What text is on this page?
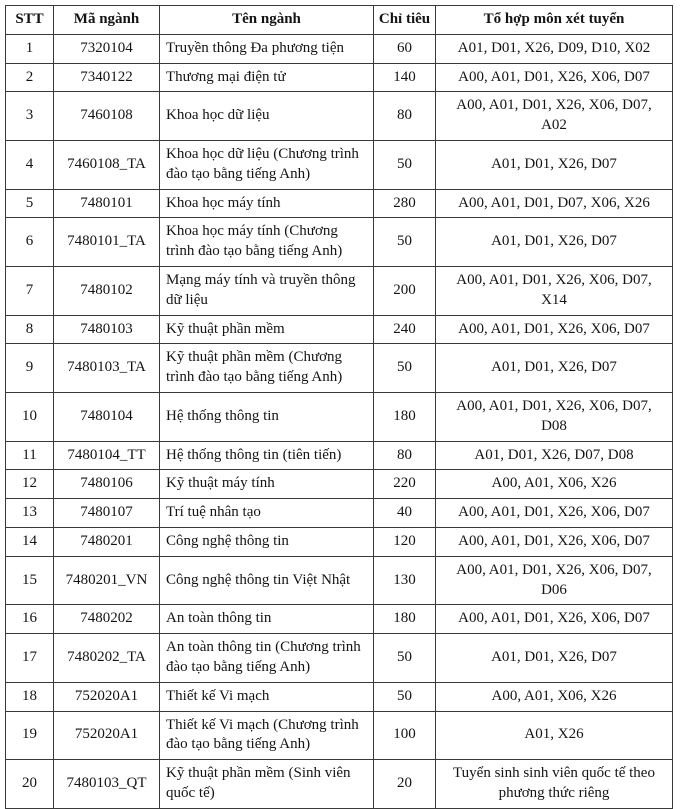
STT	Mã ngành	Tên ngành	Chỉ tiêu	Tổ hợp môn xét tuyển
1	7320104	Truyền thông Đa phương tiện	60	A01, D01, X26, D09, D10, X02
2	7340122	Thương mại điện tử	140	A00, A01, D01, X26, X06, D07
3	7460108	Khoa học dữ liệu	80	A00, A01, D01, X26, X06, D07, A02
4	7460108_TA	Khoa học dữ liệu (Chương trình đào tạo bằng tiếng Anh)	50	A01, D01, X26, D07
5	7480101	Khoa học máy tính	280	A00, A01, D01, D07, X06, X26
6	7480101_TA	Khoa học máy tính (Chương trình đào tạo bằng tiếng Anh)	50	A01, D01, X26, D07
7	7480102	Mạng máy tính và truyền thông dữ liệu	200	A00, A01, D01, X26, X06, D07, X14
8	7480103	Kỹ thuật phần mềm	240	A00, A01, D01, X26, X06, D07
9	7480103_TA	Kỹ thuật phần mềm (Chương trình đào tạo bằng tiếng Anh)	50	A01, D01, X26, D07
10	7480104	Hệ thống thông tin	180	A00, A01, D01, X26, X06, D07, D08
11	7480104_TT	Hệ thống thông tin (tiên tiến)	80	A01, D01, X26, D07, D08
12	7480106	Kỹ thuật máy tính	220	A00, A01, X06, X26
13	7480107	Trí tuệ nhân tạo	40	A00, A01, D01, X26, X06, D07
14	7480201	Công nghệ thông tin	120	A00, A01, D01, X26, X06, D07
15	7480201_VN	Công nghệ thông tin Việt Nhật	130	A00, A01, D01, X26, X06, D07, D06
16	7480202	An toàn thông tin	180	A00, A01, D01, X26, X06, D07
17	7480202_TA	An toàn thông tin (Chương trình đào tạo bằng tiếng Anh)	50	A01, D01, X26, D07
18	752020A1	Thiết kế Vi mạch	50	A00, A01, X06, X26
19	752020A1	Thiết kế Vi mạch (Chương trình đào tạo bằng tiếng Anh)	100	A01, X26
20	7480103_QT	Kỹ thuật phần mềm (Sinh viên quốc tế)	20	Tuyển sinh sinh viên quốc tế theo phương thức riêng
